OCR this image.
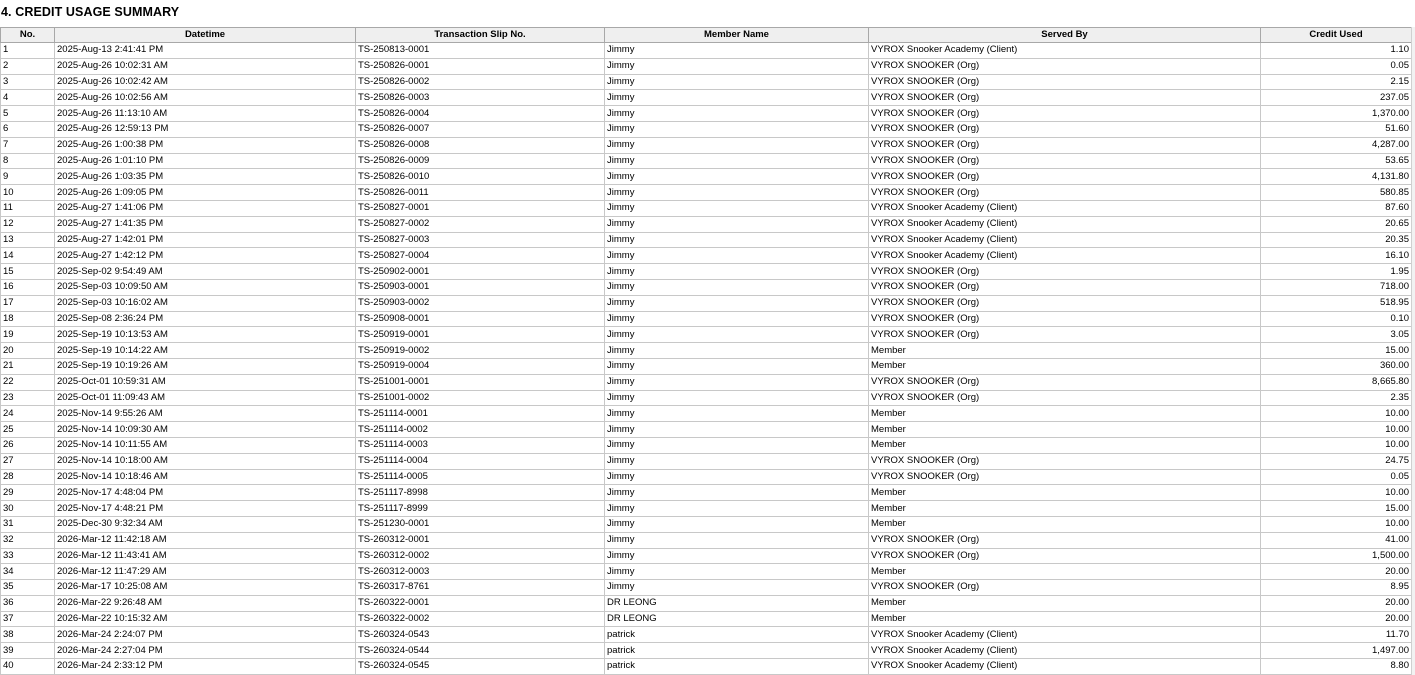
4. CREDIT USAGE SUMMARY
No.	Datetime	Transaction Slip No.	Member Name	Served By	Credit Used
1	2025-Aug-13 2:41:41 PM	TS-250813-0001	Jimmy	VYROX Snooker Academy (Client)	1.10
2	2025-Aug-26 10:02:31 AM	TS-250826-0001	Jimmy	VYROX SNOOKER (Org)	0.05
3	2025-Aug-26 10:02:42 AM	TS-250826-0002	Jimmy	VYROX SNOOKER (Org)	2.15
4	2025-Aug-26 10:02:56 AM	TS-250826-0003	Jimmy	VYROX SNOOKER (Org)	237.05
5	2025-Aug-26 11:13:10 AM	TS-250826-0004	Jimmy	VYROX SNOOKER (Org)	1,370.00
6	2025-Aug-26 12:59:13 PM	TS-250826-0007	Jimmy	VYROX SNOOKER (Org)	51.60
7	2025-Aug-26 1:00:38 PM	TS-250826-0008	Jimmy	VYROX SNOOKER (Org)	4,287.00
8	2025-Aug-26 1:01:10 PM	TS-250826-0009	Jimmy	VYROX SNOOKER (Org)	53.65
9	2025-Aug-26 1:03:35 PM	TS-250826-0010	Jimmy	VYROX SNOOKER (Org)	4,131.80
10	2025-Aug-26 1:09:05 PM	TS-250826-0011	Jimmy	VYROX SNOOKER (Org)	580.85
11	2025-Aug-27 1:41:06 PM	TS-250827-0001	Jimmy	VYROX Snooker Academy (Client)	87.60
12	2025-Aug-27 1:41:35 PM	TS-250827-0002	Jimmy	VYROX Snooker Academy (Client)	20.65
13	2025-Aug-27 1:42:01 PM	TS-250827-0003	Jimmy	VYROX Snooker Academy (Client)	20.35
14	2025-Aug-27 1:42:12 PM	TS-250827-0004	Jimmy	VYROX Snooker Academy (Client)	16.10
15	2025-Sep-02 9:54:49 AM	TS-250902-0001	Jimmy	VYROX SNOOKER (Org)	1.95
16	2025-Sep-03 10:09:50 AM	TS-250903-0001	Jimmy	VYROX SNOOKER (Org)	718.00
17	2025-Sep-03 10:16:02 AM	TS-250903-0002	Jimmy	VYROX SNOOKER (Org)	518.95
18	2025-Sep-08 2:36:24 PM	TS-250908-0001	Jimmy	VYROX SNOOKER (Org)	0.10
19	2025-Sep-19 10:13:53 AM	TS-250919-0001	Jimmy	VYROX SNOOKER (Org)	3.05
20	2025-Sep-19 10:14:22 AM	TS-250919-0002	Jimmy	Member	15.00
21	2025-Sep-19 10:19:26 AM	TS-250919-0004	Jimmy	Member	360.00
22	2025-Oct-01 10:59:31 AM	TS-251001-0001	Jimmy	VYROX SNOOKER (Org)	8,665.80
23	2025-Oct-01 11:09:43 AM	TS-251001-0002	Jimmy	VYROX SNOOKER (Org)	2.35
24	2025-Nov-14 9:55:26 AM	TS-251114-0001	Jimmy	Member	10.00
25	2025-Nov-14 10:09:30 AM	TS-251114-0002	Jimmy	Member	10.00
26	2025-Nov-14 10:11:55 AM	TS-251114-0003	Jimmy	Member	10.00
27	2025-Nov-14 10:18:00 AM	TS-251114-0004	Jimmy	VYROX SNOOKER (Org)	24.75
28	2025-Nov-14 10:18:46 AM	TS-251114-0005	Jimmy	VYROX SNOOKER (Org)	0.05
29	2025-Nov-17 4:48:04 PM	TS-251117-8998	Jimmy	Member	10.00
30	2025-Nov-17 4:48:21 PM	TS-251117-8999	Jimmy	Member	15.00
31	2025-Dec-30 9:32:34 AM	TS-251230-0001	Jimmy	Member	10.00
32	2026-Mar-12 11:42:18 AM	TS-260312-0001	Jimmy	VYROX SNOOKER (Org)	41.00
33	2026-Mar-12 11:43:41 AM	TS-260312-0002	Jimmy	VYROX SNOOKER (Org)	1,500.00
34	2026-Mar-12 11:47:29 AM	TS-260312-0003	Jimmy	Member	20.00
35	2026-Mar-17 10:25:08 AM	TS-260317-8761	Jimmy	VYROX SNOOKER (Org)	8.95
36	2026-Mar-22 9:26:48 AM	TS-260322-0001	DR LEONG	Member	20.00
37	2026-Mar-22 10:15:32 AM	TS-260322-0002	DR LEONG	Member	20.00
38	2026-Mar-24 2:24:07 PM	TS-260324-0543	patrick	VYROX Snooker Academy (Client)	11.70
39	2026-Mar-24 2:27:04 PM	TS-260324-0544	patrick	VYROX Snooker Academy (Client)	1,497.00
40	2026-Mar-24 2:33:12 PM	TS-260324-0545	patrick	VYROX Snooker Academy (Client)	8.80
